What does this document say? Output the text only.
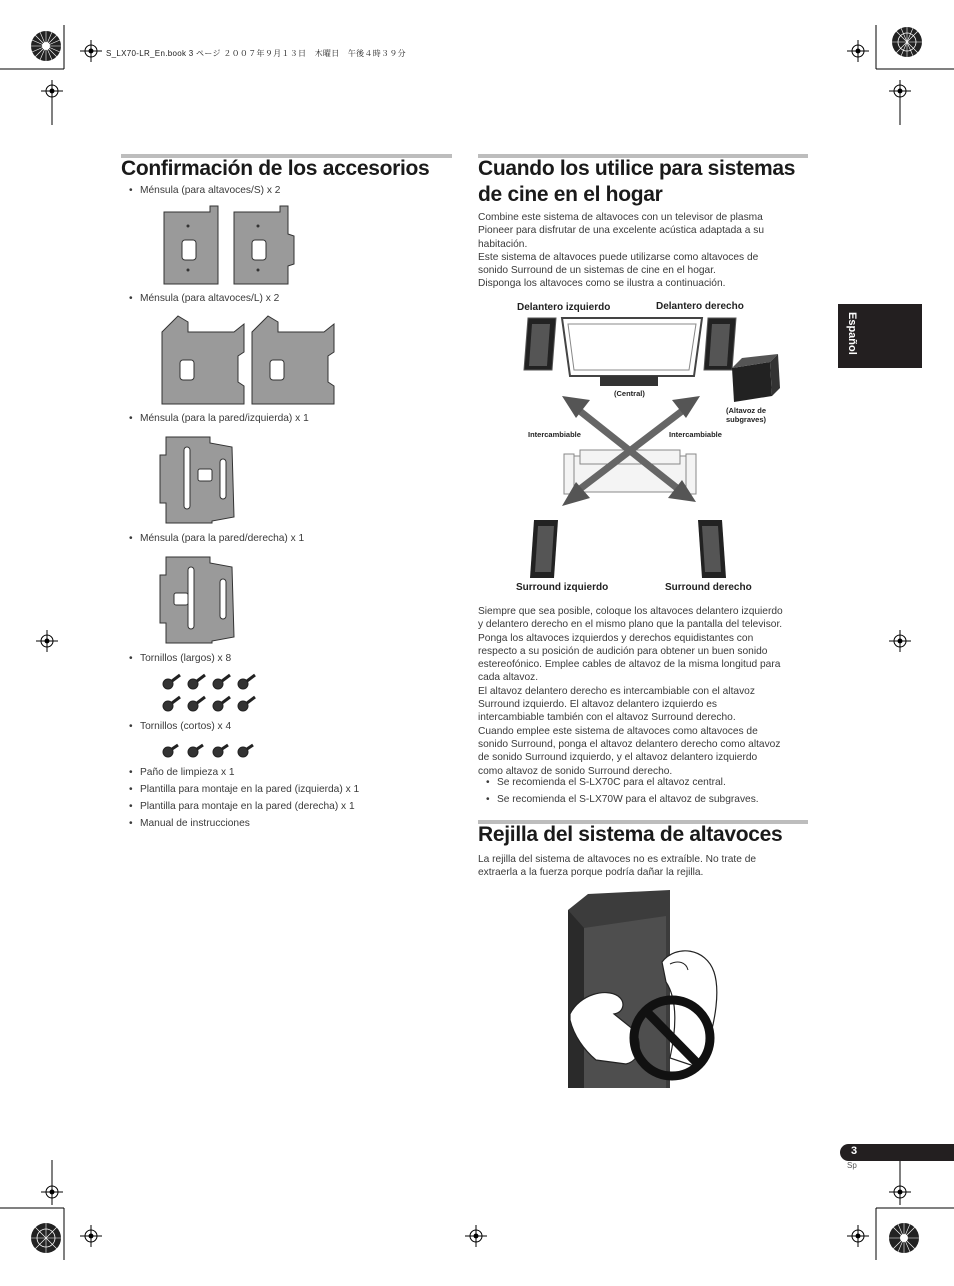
S_LX70-LR_En.book 3 ページ ２００７年９月１３日　木曜日　午後４時３９分
Confirmación de los accesorios
• Ménsula (para altavoces/S) x 2
• Ménsula (para altavoces/L) x 2
• Ménsula (para la pared/izquierda) x 1
• Ménsula (para la pared/derecha) x 1
• Tornillos (largos) x 8
• Tornillos (cortos) x 4
• Paño de limpieza x 1
• Plantilla para montaje en la pared (izquierda) x 1
• Plantilla para montaje en la pared (derecha) x 1
• Manual de instrucciones
Cuando los utilice para sistemas
de cine en el hogar
Combine este sistema de altavoces con un televisor de plasma
Pioneer para disfrutar de una excelente acústica adaptada a su
habitación.
Este sistema de altavoces puede utilizarse como altavoces de
sonido Surround de un sistemas de cine en el hogar.
Disponga los altavoces como se ilustra a continuación.
Delantero izquierdo	Delantero derecho
(Central)
(Altavoz de
subgraves)
Intercambiable	Intercambiable
Surround izquierdo	Surround derecho
Siempre que sea posible, coloque los altavoces delantero izquierdo
y delantero derecho en el mismo plano que la pantalla del televisor.
Ponga los altavoces izquierdos y derechos equidistantes con
respecto a su posición de audición para obtener un buen sonido
estereofónico. Emplee cables de altavoz de la misma longitud para
cada altavoz.
El altavoz delantero derecho es intercambiable con el altavoz
Surround izquierdo. El altavoz delantero izquierdo es
intercambiable también con el altavoz Surround derecho.
Cuando emplee este sistema de altavoces como altavoces de
sonido Surround, ponga el altavoz delantero derecho como altavoz
de sonido Surround izquierdo, y el altavoz delantero izquierdo
como altavoz de sonido Surround derecho.
• Se recomienda el S-LX70C para el altavoz central.
• Se recomienda el S-LX70W para el altavoz de subgraves.
Rejilla del sistema de altavoces
La rejilla del sistema de altavoces no es extraíble. No trate de
extraerla a la fuerza porque podría dañar la rejilla.
Español
3
Sp
